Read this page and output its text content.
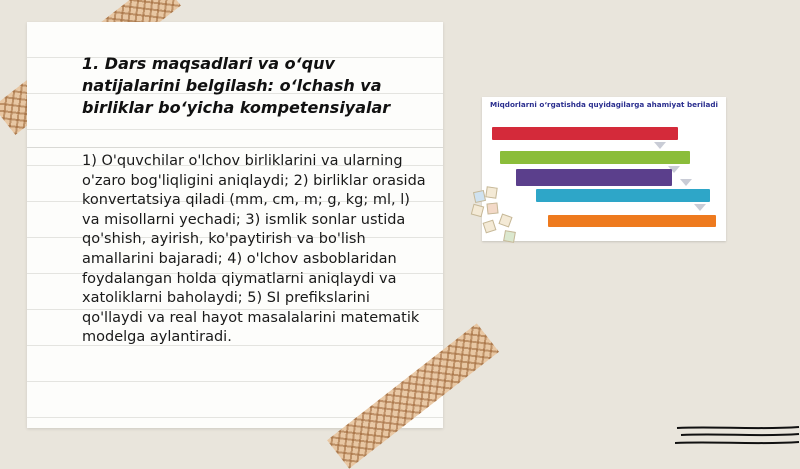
1. Dars maqsadlari va o‘quv natijalarini belgilash: o‘lchash va birliklar bo‘yicha kompetensiyalar

1) O'quvchilar o'lchov birliklarini va ularning o'zaro bog'liqligini aniqlaydi; 2) birliklar orasida konvertatsiya qiladi (mm, cm, m; g, kg; ml, l) va misollarni yechadi; 3) ismlik sonlar ustida qo'shish, ayirish, ko'paytirish va bo'lish amallarini bajaradi; 4) o'lchov asboblaridan foydalangan holda qiymatlarni aniqlaydi va xatoliklarni baholaydi; 5) SI prefikslarini qo'llaydi va real hayot masalalarini matematik modelga aylantiradi.

Miqdorlarni o‘rgatishda quyidagilarga ahamiyat beriladi
